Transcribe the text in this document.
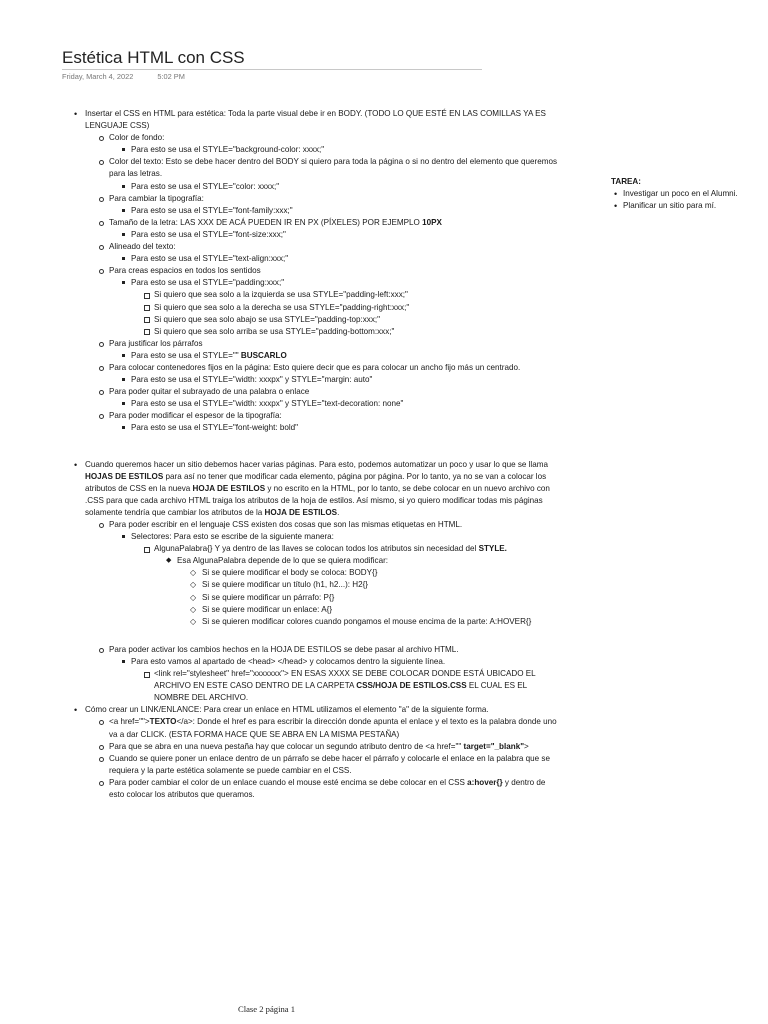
Estética HTML con CSS
Friday, March 4, 2022	5:02 PM
• Insertar el CSS en HTML para estética: Toda la parte visual debe ir en BODY. (TODO LO QUE ESTÉ EN LAS COMILLAS YA ES LENGUAJE CSS)
Color de fondo:
Para esto se usa el STYLE="background-color: xxxx;"
Color del texto: Esto se debe hacer dentro del BODY si quiero para toda la página o si no dentro del elemento que queremos para las letras.
Para esto se usa el STYLE="color: xxxx;"
Para cambiar la tipografía:
Para esto se usa el STYLE="font-family:xxx;"
Tamaño de la letra: LAS XXX DE ACÁ PUEDEN IR EN PX (PÍXELES) POR EJEMPLO 10PX
Para esto se usa el STYLE="font-size:xxx;"
Alineado del texto:
Para esto se usa el STYLE="text-align:xxx;"
Para creas espacios en todos los sentidos
Para esto se usa el STYLE="padding:xxx;"
Si quiero que sea solo a la izquierda se usa STYLE="padding-left:xxx;"
Si quiero que sea solo a la derecha se usa STYLE="padding-right:xxx;"
Si quiero que sea solo abajo se usa STYLE="padding-top:xxx;"
Si quiero que sea solo arriba se usa STYLE="padding-bottom:xxx;"
Para justificar los párrafos
Para esto se usa el STYLE="" BUSCARLO
Para colocar contenedores fijos en la página: Esto quiere decir que es para colocar un ancho fijo más un centrado.
Para esto se usa el STYLE="width: xxxpx" y STYLE="margin: auto"
Para poder quitar el subrayado de una palabra o enlace
Para esto se usa el STYLE="width: xxxpx" y STYLE="text-decoration: none"
Para poder modificar el espesor de la tipografía:
Para esto se usa el STYLE="font-weight: bold"
• Cuando queremos hacer un sitio debemos hacer varias páginas. Para esto, podemos automatizar un poco y usar lo que se llama HOJAS DE ESTILOS para así no tener que modificar cada elemento, página por página. Por lo tanto, ya no se van a colocar los atributos de CSS en la nueva HOJA DE ESTILOS y no escrito en la HTML, por lo tanto, se debe colocar en un nuevo archivo con .CSS para que cada archivo HTML traiga los atributos de la hoja de estilos. Así mismo, si yo quiero modificar todas mis páginas solamente tendría que cambiar los atributos de la HOJA DE ESTILOS.
Para poder escribir en el lenguaje CSS existen dos cosas que son las mismas etiquetas en HTML.
Selectores: Para esto se escribe de la siguiente manera:
AlgunaPalabra{} Y ya dentro de las llaves se colocan todos los atributos sin necesidad del STYLE.
◆ Esa AlgunaPalabra depende de lo que se quiera modificar:
◇ Si se quiere modificar el body se coloca: BODY{}
◇ Si se quiere modificar un título (h1, h2...): H2{}
◇ Si se quiere modificar un párrafo: P{}
◇ Si se quiere modificar un enlace: A{}
◇ Si se quieren modificar colores cuando pongamos el mouse encima de la parte: A:HOVER{}
Para poder activar los cambios hechos en la HOJA DE ESTILOS se debe pasar al archivo HTML.
Para esto vamos al apartado de <head> </head> y colocamos dentro la siguiente línea.
<link rel="stylesheet" href="xxxxxxx"> EN ESAS XXXX SE DEBE COLOCAR DONDE ESTÁ UBICADO EL ARCHIVO EN ESTE CASO DENTRO DE LA CARPETA CSS/HOJA DE ESTILOS.CSS EL CUAL ES EL NOMBRE DEL ARCHIVO.
• Cómo crear un LINK/ENLANCE: Para crear un enlace en HTML utilizamos el elemento "a" de la siguiente forma.
<a href="">TEXTO</a>: Donde el href es para escribir la dirección donde apunta el enlace y el texto es la palabra donde uno va a dar CLICK. (ESTA FORMA HACE QUE SE ABRA EN LA MISMA PESTAÑA)
Para que se abra en una nueva pestaña hay que colocar un segundo atributo dentro de <a href="" target="_blank">
Cuando se quiere poner un enlace dentro de un párrafo se debe hacer el párrafo y colocarle el enlace en la palabra que se requiera y la parte estética solamente se puede cambiar en el CSS.
Para poder cambiar el color de un enlace cuando el mouse esté encima se debe colocar en el CSS a:hover{} y dentro de esto colocar los atributos que queramos.
TAREA:
• Investigar un poco en el Alumni.
• Planificar un sitio para mí.
Clase 2 página 1
